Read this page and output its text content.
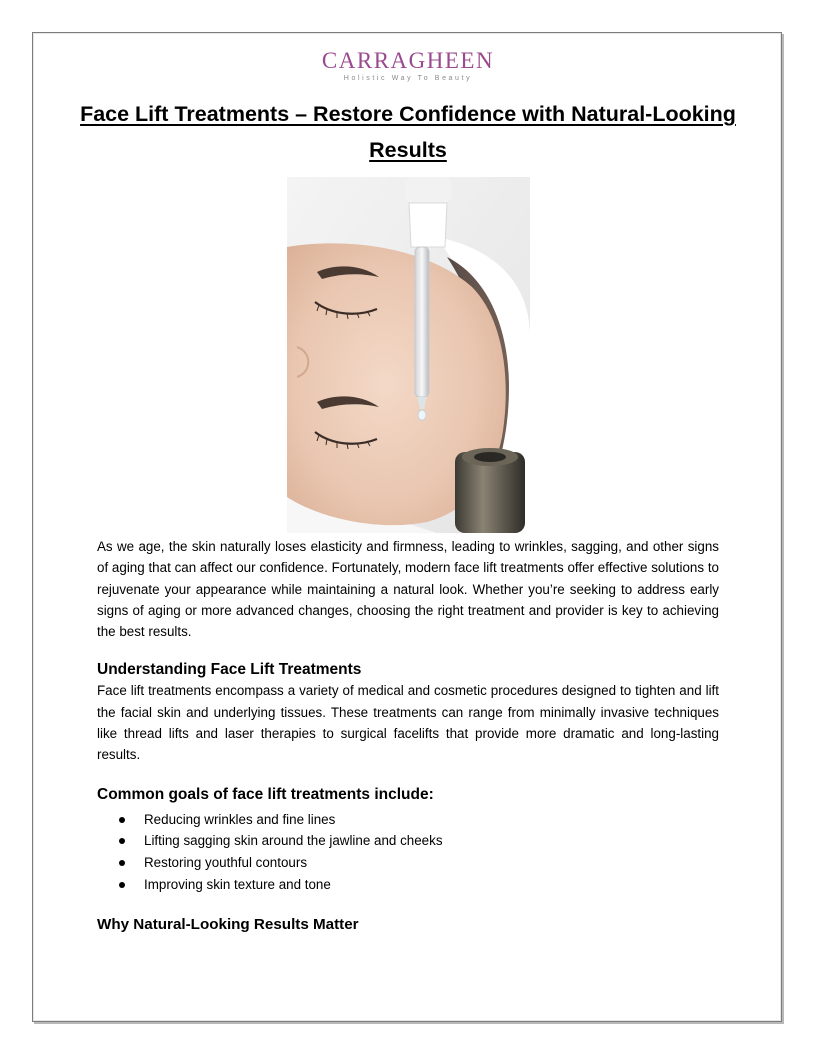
CARRAGHEEN
Holistic Way To Beauty
Face Lift Treatments – Restore Confidence with Natural-Looking Results

As we age, the skin naturally loses elasticity and firmness, leading to wrinkles, sagging, and other signs of aging that can affect our confidence. Fortunately, modern face lift treatments offer effective solutions to rejuvenate your appearance while maintaining a natural look. Whether you’re seeking to address early signs of aging or more advanced changes, choosing the right treatment and provider is key to achieving the best results.

Understanding Face Lift Treatments

Face lift treatments encompass a variety of medical and cosmetic procedures designed to tighten and lift the facial skin and underlying tissues. These treatments can range from minimally invasive techniques like thread lifts and laser therapies to surgical facelifts that provide more dramatic and long-lasting results.

Common goals of face lift treatments include:
Reducing wrinkles and fine lines
Lifting sagging skin around the jawline and cheeks
Restoring youthful contours
Improving skin texture and tone
Why Natural-Looking Results Matter
